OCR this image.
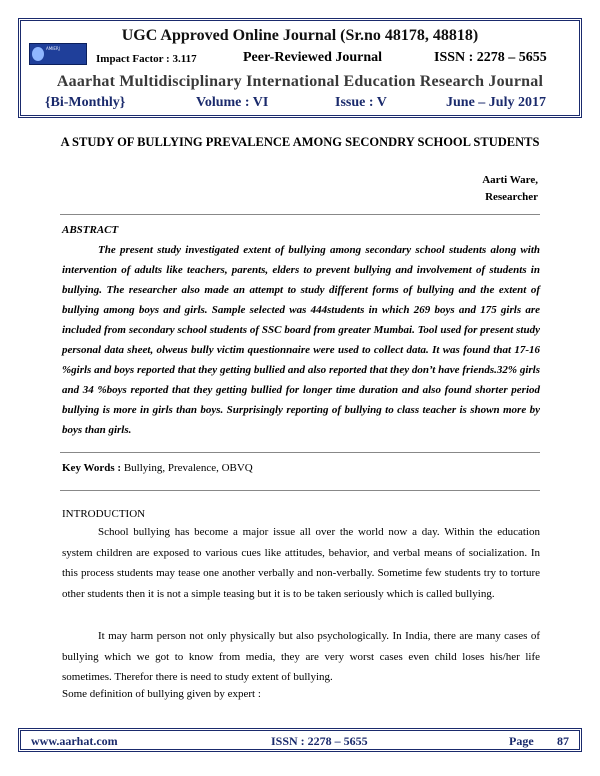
UGC Approved Online Journal (Sr.no 48178, 48818)
AMIERJ
Impact Factor : 3.117	Peer-Reviewed Journal	ISSN : 2278 – 5655
Aaarhat Multidisciplinary International Education Research Journal
{Bi-Monthly}	Volume : VI	Issue : V	June – July 2017
A STUDY OF BULLYING PREVALENCE AMONG SECONDRY SCHOOL STUDENTS
Aarti Ware,
Researcher
ABSTRACT

The present study investigated extent of bullying among secondary school students along with intervention of adults like teachers, parents, elders to prevent bullying and involvement of students in bullying. The researcher also made an attempt to study different forms of bullying and the extent of bullying among boys and girls. Sample selected was 444students in which 269 boys and 175 girls are included from secondary school students of SSC board from greater Mumbai. Tool used for present study personal data sheet, olweus bully victim questionnaire were used to collect data. It was found that 17-16 %girls and boys reported that they getting bullied and also reported that they don’t have friends.32% girls and 34 %boys reported that they getting bullied for longer time duration and also found shorter period bullying is more in girls than boys. Surprisingly reporting of bullying to class teacher is shown more by boys than girls.

Key Words : Bullying, Prevalence, OBVQ
INTRODUCTION

School bullying has become a major issue all over the world now a day. Within the education system children are exposed to various cues like attitudes, behavior, and verbal means of socialization. In this process students may tease one another verbally and non-verbally. Sometime few students try to torture other students then it is not a simple teasing but it is to be taken seriously which is called bullying.

It may harm person not only physically but also psychologically. In India, there are many cases of bullying which we got to know from media, they are very worst cases even child loses his/her life sometimes. Therefor there is need to study extent of bullying.

Some definition of bullying given by expert :
www.aarhat.com	ISSN : 2278 – 5655	Page 87
